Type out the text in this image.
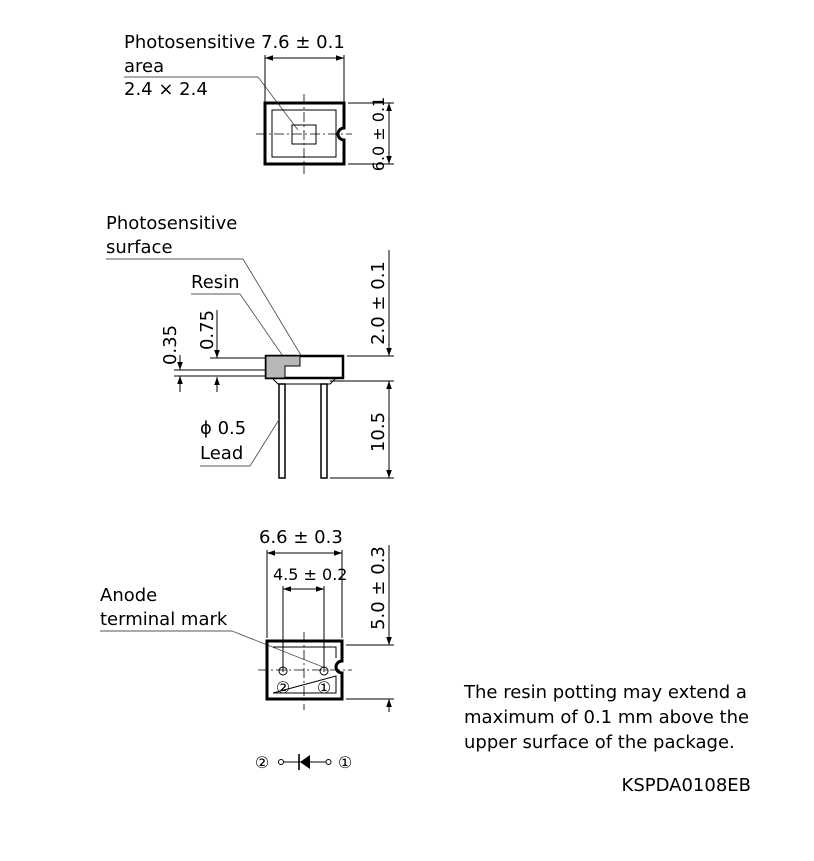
Photosensitive
area
2.4 × 2.4
7.6 ± 0.1
6.0 ± 0.1
Photosensitive
surface
Resin
0.35 0.75
ϕ 0.5
Lead
2.0 ± 0.1
10.5
6.6 ± 0.3
4.5 ± 0.2
Anode
terminal mark
② ①
5.0 ± 0.3
②	①
The resin potting may extend a
maximum of 0.1 mm above the
upper surface of the package.
KSPDA0108EB
